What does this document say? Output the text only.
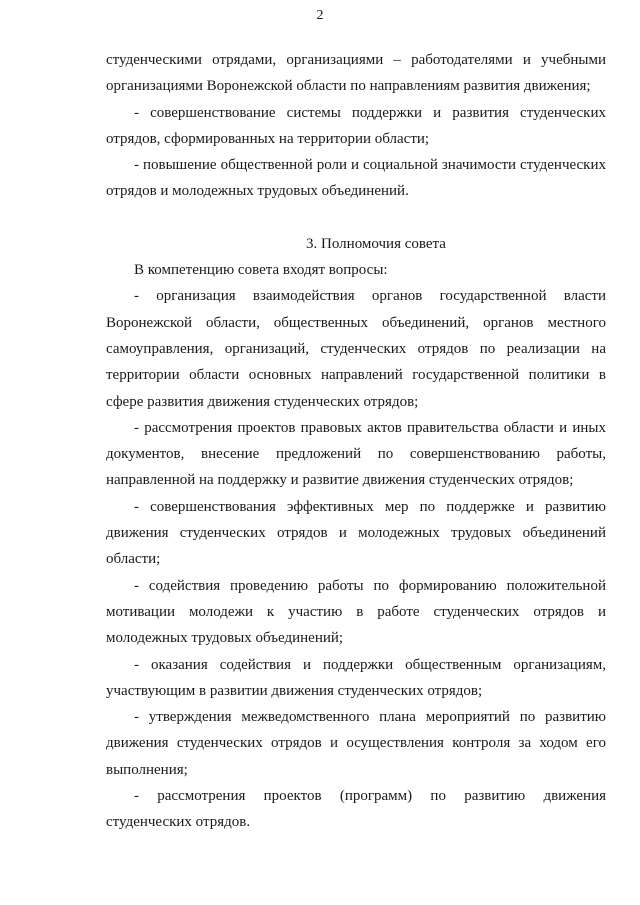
2

студенческими отрядами, организациями – работодателями и учебными организациями Воронежской области по направлениям развития движения;

- совершенствование системы поддержки и развития студенческих отрядов, сформированных на территории области;

- повышение общественной роли и социальной значимости студенческих отрядов и молодежных трудовых объединений.

3. Полномочия совета

В компетенцию совета входят вопросы:

- организация взаимодействия органов государственной власти Воронежской области, общественных объединений, органов местного самоуправления, организаций, студенческих отрядов по реализации на территории области основных направлений государственной политики в сфере развития движения студенческих отрядов;

- рассмотрения проектов правовых актов правительства области и иных документов, внесение предложений по совершенствованию работы, направленной на поддержку и развитие движения студенческих отрядов;

- совершенствования эффективных мер по поддержке и развитию движения студенческих отрядов и молодежных трудовых объединений области;

- содействия проведению работы по формированию положительной мотивации молодежи к участию в работе студенческих отрядов и молодежных трудовых объединений;

- оказания содействия и поддержки общественным организациям, участвующим в развитии движения студенческих отрядов;

- утверждения межведомственного плана мероприятий по развитию движения студенческих отрядов и осуществления контроля за ходом его выполнения;

- рассмотрения проектов (программ) по развитию движения студенческих отрядов.
